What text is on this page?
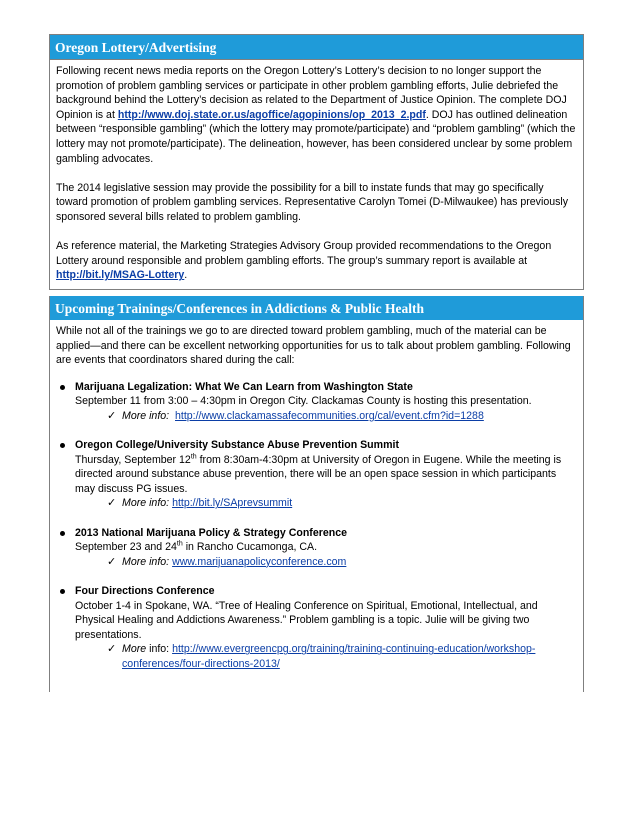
Oregon Lottery/Advertising

Following recent news media reports on the Oregon Lottery’s Lottery’s decision to no longer support the promotion of problem gambling services or participate in other problem gambling efforts, Julie debriefed the background behind the Lottery’s decision as related to the Department of Justice Opinion. The complete DOJ Opinion is at http://www.doj.state.or.us/agoffice/agopinions/op_2013_2.pdf. DOJ has outlined delineation between “responsible gambling” (which the lottery may promote/participate) and “problem gambling” (which the lottery may not promote/participate). The delineation, however, has been considered unclear by some problem gambling advocates.

The 2014 legislative session may provide the possibility for a bill to instate funds that may go specifically toward promotion of problem gambling services. Representative Carolyn Tomei (D-Milwaukee) has previously sponsored several bills related to problem gambling.

As reference material, the Marketing Strategies Advisory Group provided recommendations to the Oregon Lottery around responsible and problem gambling efforts. The group’s summary report is available at http://bit.ly/MSAG-Lottery.

Upcoming Trainings/Conferences in Addictions & Public Health

While not all of the trainings we go to are directed toward problem gambling, much of the material can be applied—and there can be excellent networking opportunities for us to talk about problem gambling. Following are events that coordinators shared during the call:

Marijuana Legalization: What We Can Learn from Washington State
September 11 from 3:00 – 4:30pm in Oregon City. Clackamas County is hosting this presentation.
✓ More info: http://www.clackamassafecommunities.org/cal/event.cfm?id=1288
Oregon College/University Substance Abuse Prevention Summit
Thursday, September 12th from 8:30am-4:30pm at University of Oregon in Eugene. While the meeting is directed around substance abuse prevention, there will be an open space session in which participants may discuss PG issues.
✓ More info: http://bit.ly/SAprevsummit
2013 National Marijuana Policy & Strategy Conference
September 23 and 24th in Rancho Cucamonga, CA.
✓ More info: www.marijuanapolicyconference.com
Four Directions Conference
October 1-4 in Spokane, WA. “Tree of Healing Conference on Spiritual, Emotional, Intellectual, and Physical Healing and Addictions Awareness.” Problem gambling is a topic. Julie will be giving two presentations.
✓ More info: http://www.evergreencpg.org/training/training-continuing-education/workshop-conferences/four-directions-2013/
